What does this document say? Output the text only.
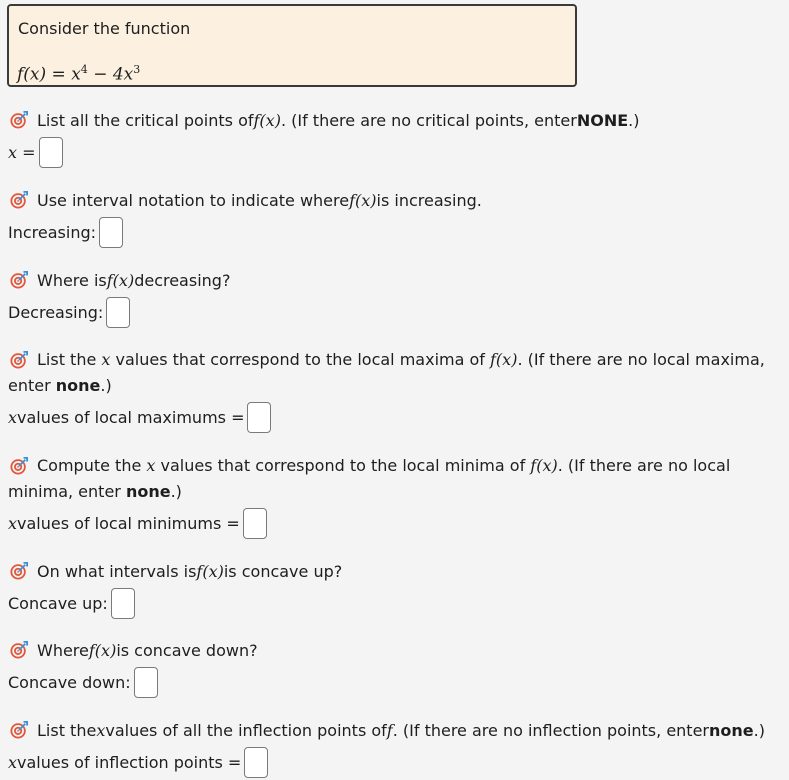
Consider the function
$f(x) = x^4 - 4x^3$
List all the critical points of f(x) . (If there are no critical points, enter NONE .)
x =
Use interval notation to indicate where f(x) is increasing.
Increasing:
Where is f(x) decreasing?
Decreasing:
List the x values that correspond to the local maxima of f(x). (If there are no local maxima, enter none.)
x values of local maximums =
Compute the x values that correspond to the local minima of f(x). (If there are no local minima, enter none.)
x values of local minimums =
On what intervals is f(x) is concave up?
Concave up:
Where f(x) is concave down?
Concave down:
List the x values of all the inflection points of f . (If there are no inflection points, enter none .)
x values of inflection points =
